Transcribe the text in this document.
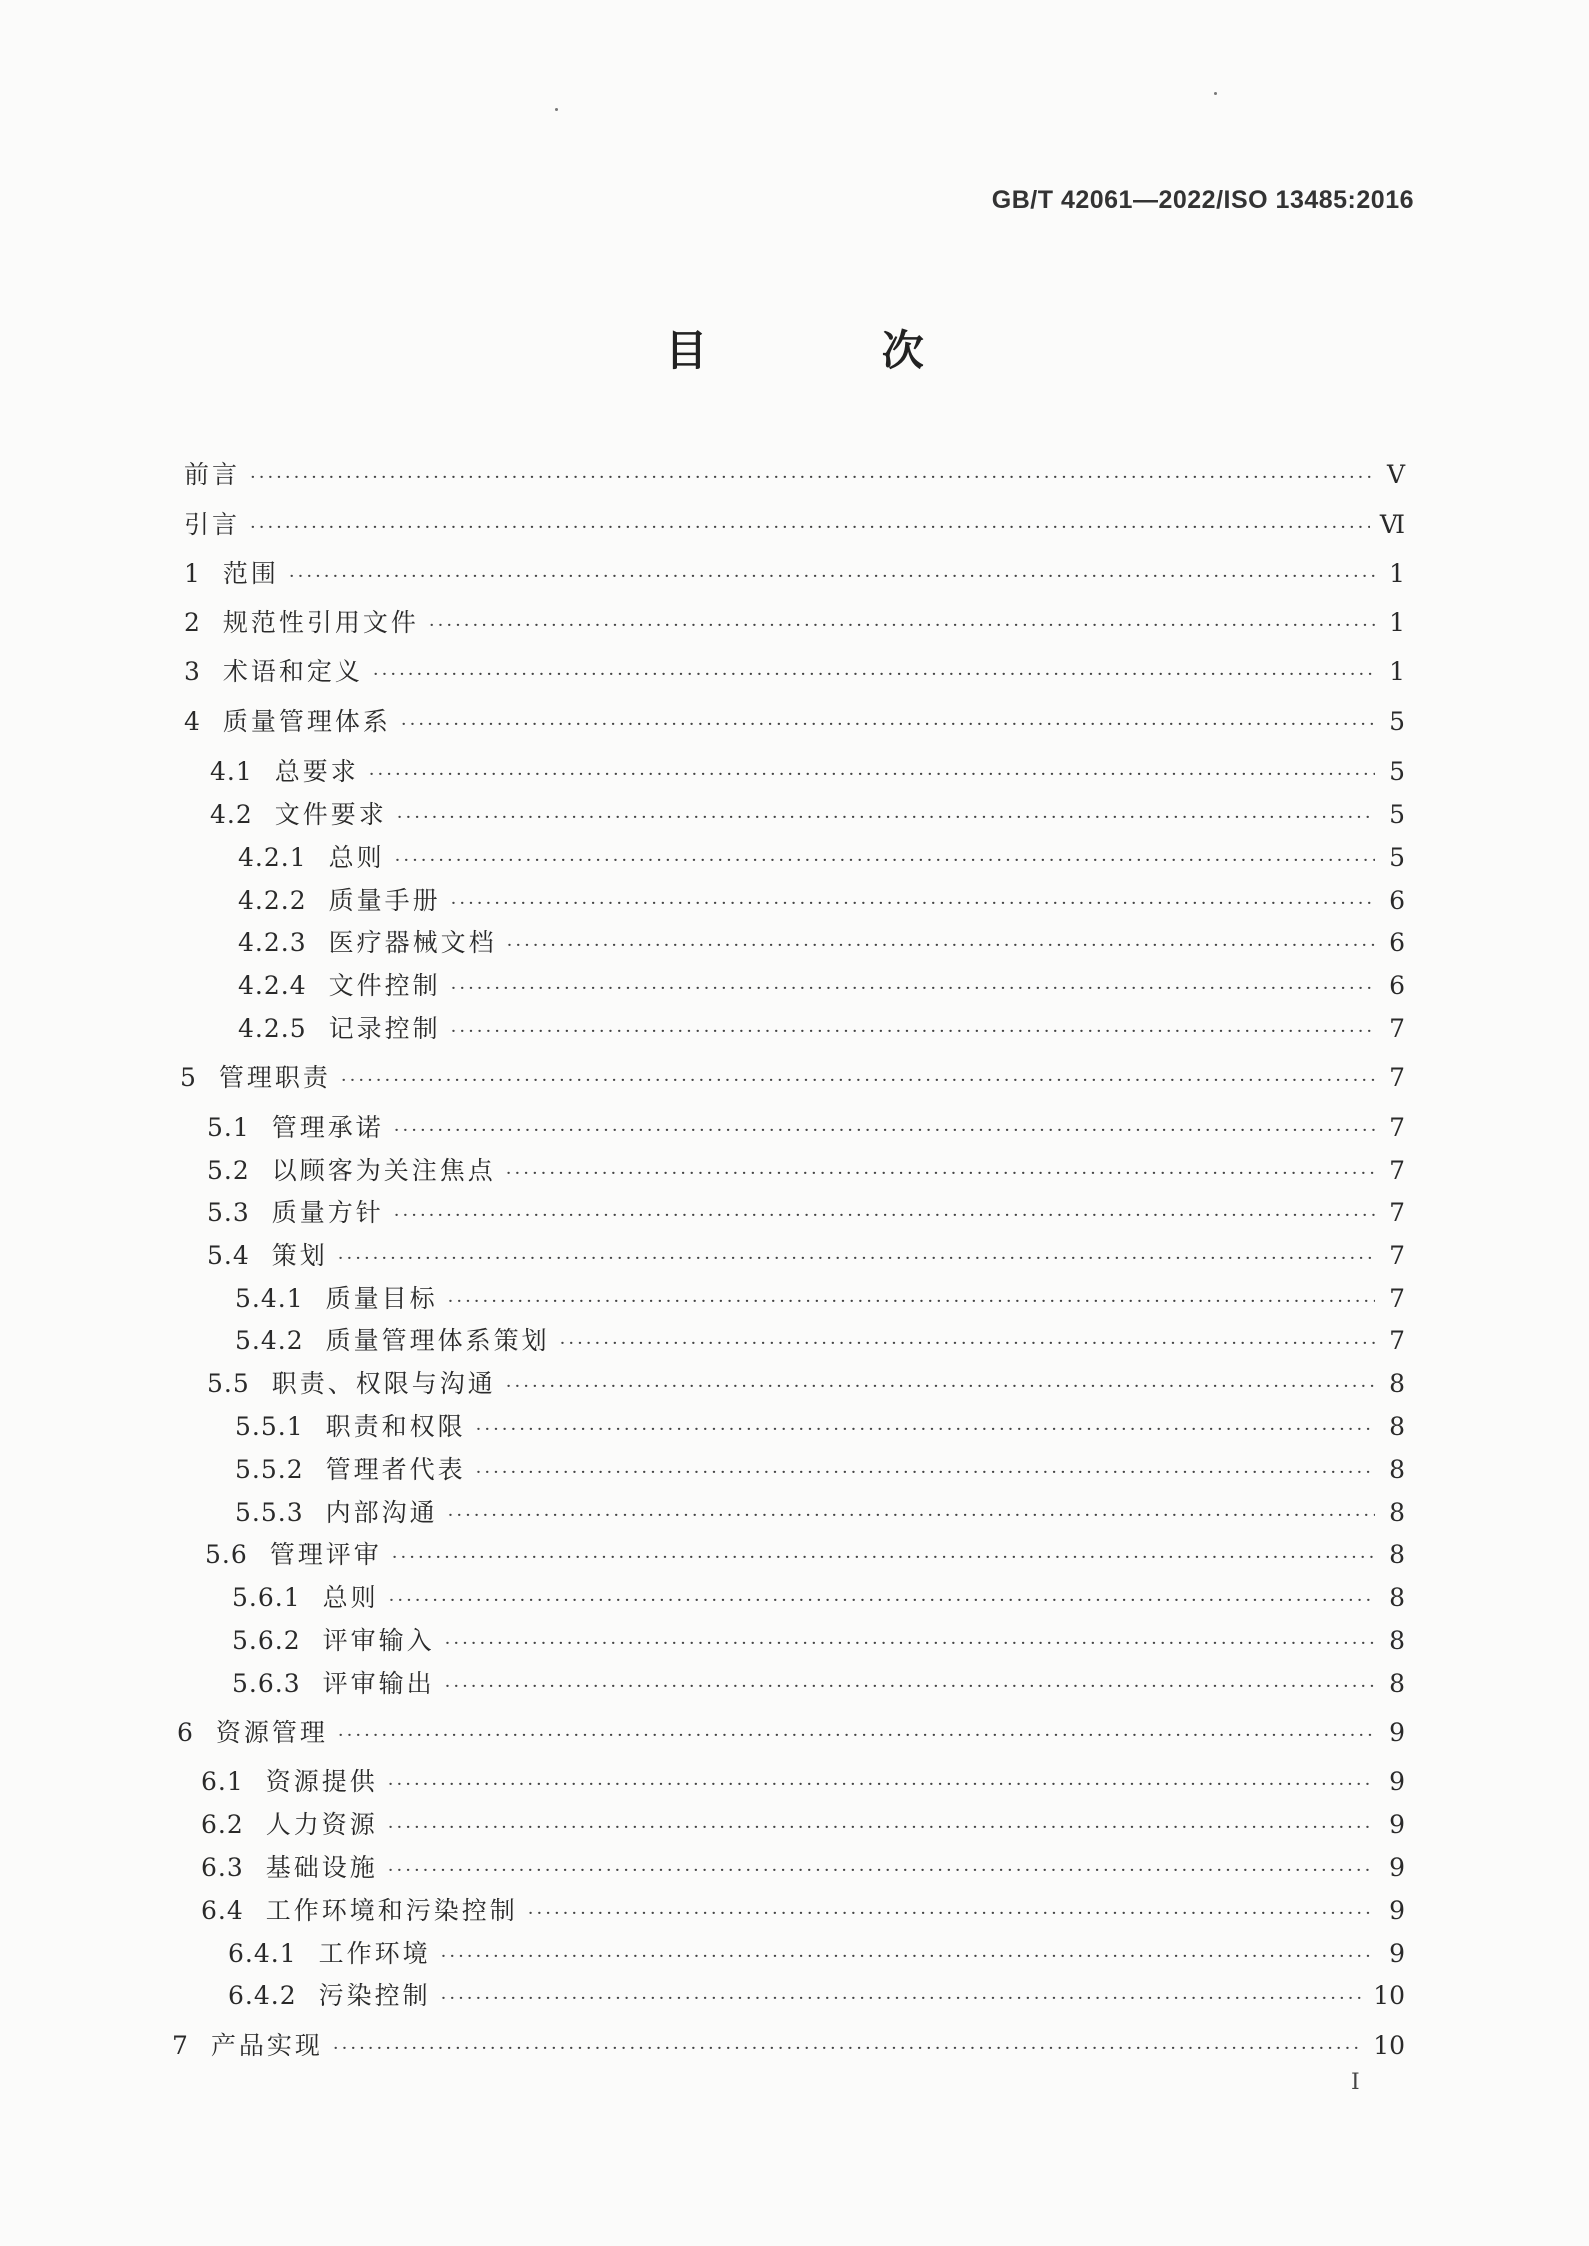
GB/T 42061—2022/ISO 13485:2016
目 次
前言 ·····	Ⅴ
引言 ·····	Ⅵ
1 范围 ·····	1
2 规范性引用文件 ·····	1
3 术语和定义 ·····	1
4 质量管理体系 ·····	5
4.1 总要求 ·····	5
4.2 文件要求 ·····	5
4.2.1 总则 ·····	5
4.2.2 质量手册 ·····	6
4.2.3 医疗器械文档 ·····	6
4.2.4 文件控制 ·····	6
4.2.5 记录控制 ·····	7
5 管理职责 ·····	7
5.1 管理承诺 ·····	7
5.2 以顾客为关注焦点 ·····	7
5.3 质量方针 ·····	7
5.4 策划 ·····	7
5.4.1 质量目标 ·····	7
5.4.2 质量管理体系策划 ·····	7
5.5 职责、权限与沟通 ·····	8
5.5.1 职责和权限 ·····	8
5.5.2 管理者代表 ·····	8
5.5.3 内部沟通 ·····	8
5.6 管理评审 ·····	8
5.6.1 总则 ·····	8
5.6.2 评审输入 ·····	8
5.6.3 评审输出 ·····	8
6 资源管理 ·····	9
6.1 资源提供 ·····	9
6.2 人力资源 ·····	9
6.3 基础设施 ·····	9
6.4 工作环境和污染控制 ·····	9
6.4.1 工作环境 ·····	9
6.4.2 污染控制 ·····	10
7 产品实现 ·····	10
I
